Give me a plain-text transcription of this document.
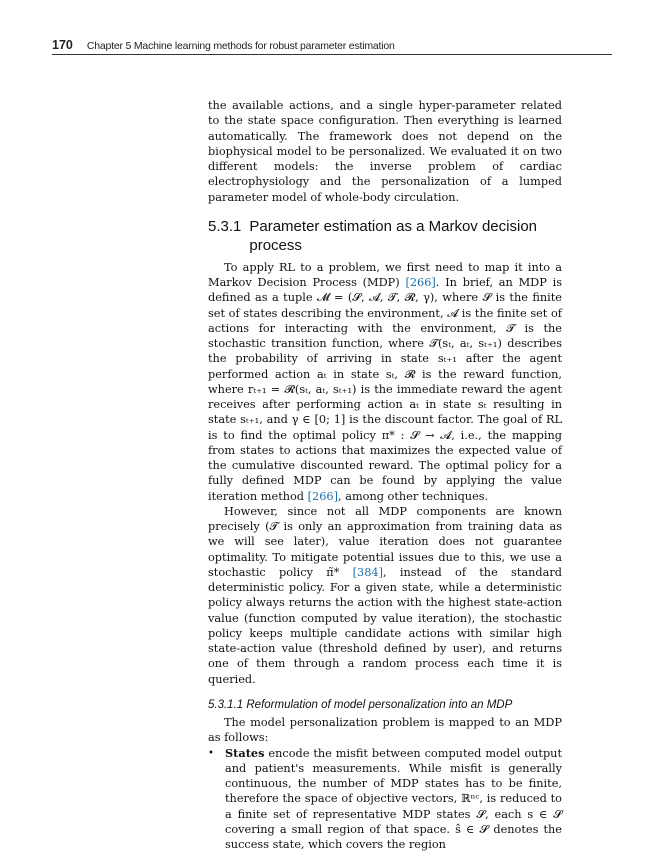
170 Chapter 5 Machine learning methods for robust parameter estimation

the available actions, and a single hyper-parameter related to the state space configuration. Then everything is learned automatically. The framework does not depend on the biophysical model to be personalized. We evaluated it on two different models: the inverse problem of cardiac electrophysiology and the personalization of a lumped parameter model of whole-body circulation.

5.3.1 Parameter estimation as a Markov decision process

To apply RL to a problem, we first need to map it into a Markov Decision Process (MDP) [266]. In brief, an MDP is defined as a tuple 𝓜 = (𝓢, 𝓐, 𝓣, 𝓡, γ), where 𝓢 is the finite set of states describing the environment, 𝓐 is the finite set of actions for interacting with the environment, 𝓣 is the stochastic transition function, where 𝓣(sₜ, aₜ, sₜ₊₁) describes the probability of arriving in state sₜ₊₁ after the agent performed action aₜ in state sₜ, 𝓡 is the reward function, where rₜ₊₁ = 𝓡(sₜ, aₜ, sₜ₊₁) is the immediate reward the agent receives after performing action aₜ in state sₜ resulting in state sₜ₊₁, and γ ∈ [0; 1] is the discount factor. The goal of RL is to find the optimal policy π* : 𝓢 → 𝓐, i.e., the mapping from states to actions that maximizes the expected value of the cumulative discounted reward. The optimal policy for a fully defined MDP can be found by applying the value iteration method [266], among other techniques.

However, since not all MDP components are known precisely (𝓣 is only an approximation from training data as we will see later), value iteration does not guarantee optimality. To mitigate potential issues due to this, we use a stochastic policy π̃* [384], instead of the standard deterministic policy. For a given state, while a deterministic policy always returns the action with the highest state-action value (function computed by value iteration), the stochastic policy keeps multiple candidate actions with similar high state-action value (threshold defined by user), and returns one of them through a random process each time it is queried.

5.3.1.1 Reformulation of model personalization into an MDP

The model personalization problem is mapped to an MDP as follows:

• States encode the misfit between computed model output and patient's measurements. While misfit is generally continuous, the number of MDP states has to be finite, therefore the space of objective vectors, ℝⁿᶜ, is reduced to a finite set of representative MDP states 𝓢, each s ∈ 𝓢 covering a small region of that space. ŝ ∈ 𝓢 denotes the success state, which covers the region
